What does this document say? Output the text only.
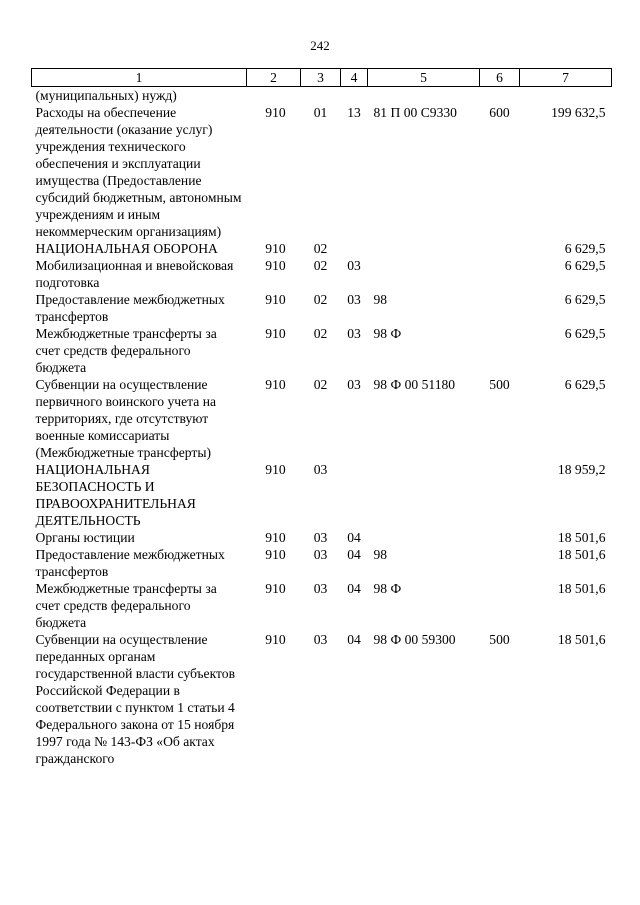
242
1	2	3	4	5	6	7
(муниципальных) нужд)						
Расходы на обеспечение деятельности (оказание услуг) учреждения технического обеспечения и эксплуатации имущества (Предоставление субсидий бюджетным, автономным учреждениям и иным некоммерческим организациям)	910	01	13	81 П 00 С9330	600	199 632,5
НАЦИОНАЛЬНАЯ ОБОРОНА	910	02				6 629,5
Мобилизационная и вневойсковая подготовка	910	02	03			6 629,5
Предоставление межбюджетных трансфертов	910	02	03	98		6 629,5
Межбюджетные трансферты за счет средств федерального бюджета	910	02	03	98 Ф		6 629,5
Субвенции на осуществление первичного воинского учета на территориях, где отсутствуют военные комиссариаты (Межбюджетные трансферты)	910	02	03	98 Ф 00 51180	500	6 629,5
НАЦИОНАЛЬНАЯ БЕЗОПАСНОСТЬ И ПРАВООХРАНИТЕЛЬНАЯ ДЕЯТЕЛЬНОСТЬ	910	03				18 959,2
Органы юстиции	910	03	04			18 501,6
Предоставление межбюджетных трансфертов	910	03	04	98		18 501,6
Межбюджетные трансферты за счет средств федерального бюджета	910	03	04	98 Ф		18 501,6
Субвенции на осуществление переданных органам государственной власти субъектов Российской Федерации в соответствии с пунктом 1 статьи 4 Федерального закона от 15 ноября 1997 года № 143-ФЗ «Об актах гражданского	910	03	04	98 Ф 00 59300	500	18 501,6
